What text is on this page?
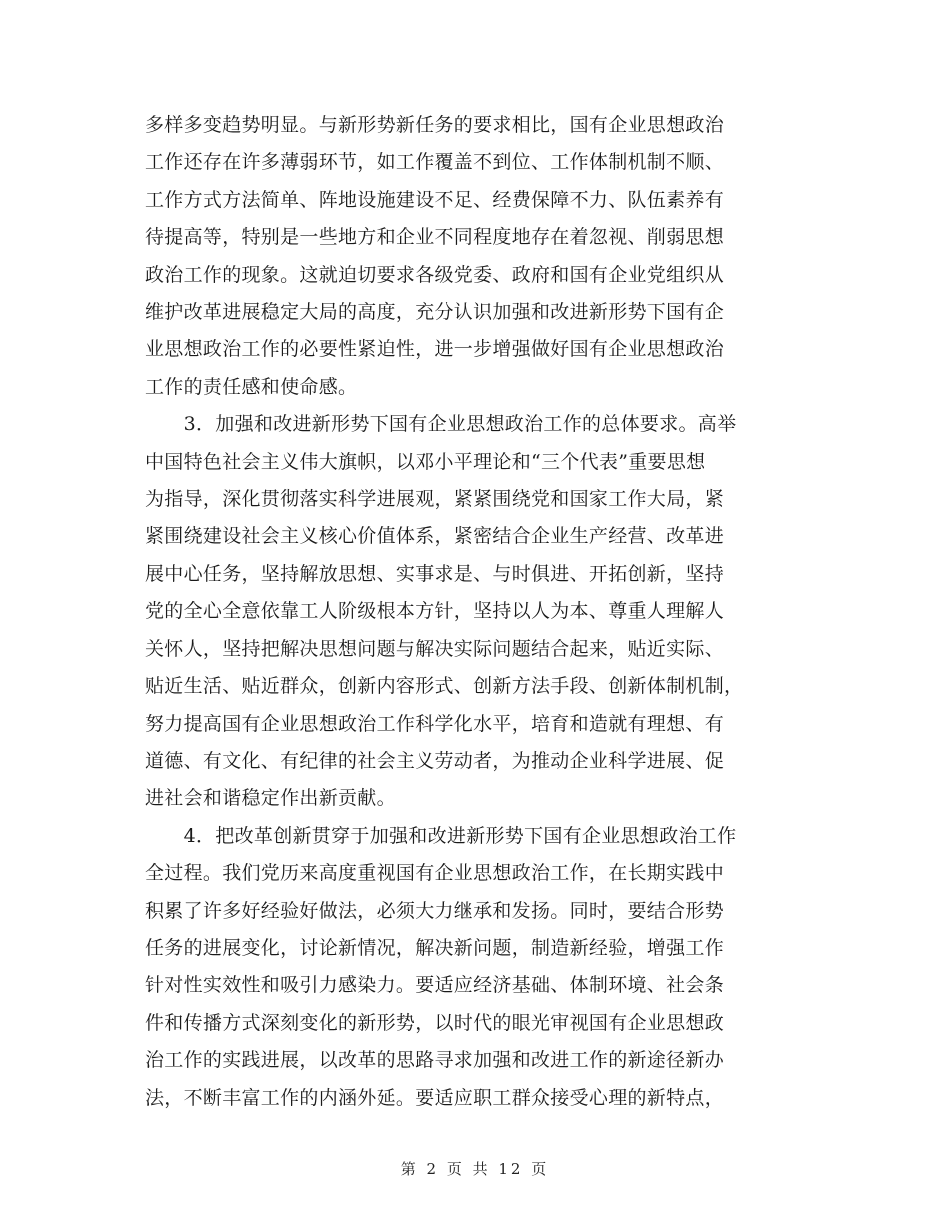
多样多变趋势明显。与新形势新任务的要求相比，国有企业思想政治
工作还存在许多薄弱环节，如工作覆盖不到位、工作体制机制不顺、
工作方式方法简单、阵地设施建设不足、经费保障不力、队伍素养有
待提高等，特别是一些地方和企业不同程度地存在着忽视、削弱思想
政治工作的现象。这就迫切要求各级党委、政府和国有企业党组织从
维护改革进展稳定大局的高度，充分认识加强和改进新形势下国有企
业思想政治工作的必要性紧迫性，进一步增强做好国有企业思想政治
工作的责任感和使命感。

　　3．加强和改进新形势下国有企业思想政治工作的总体要求。高举
中国特色社会主义伟大旗帜，以邓小平理论和“三个代表”重要思想
为指导，深化贯彻落实科学进展观，紧紧围绕党和国家工作大局，紧
紧围绕建设社会主义核心价值体系，紧密结合企业生产经营、改革进
展中心任务，坚持解放思想、实事求是、与时俱进、开拓创新，坚持
党的全心全意依靠工人阶级根本方针，坚持以人为本、尊重人理解人
关怀人，坚持把解决思想问题与解决实际问题结合起来，贴近实际、
贴近生活、贴近群众，创新内容形式、创新方法手段、创新体制机制，
努力提高国有企业思想政治工作科学化水平，培育和造就有理想、有
道德、有文化、有纪律的社会主义劳动者，为推动企业科学进展、促
进社会和谐稳定作出新贡献。

　　4．把改革创新贯穿于加强和改进新形势下国有企业思想政治工作
全过程。我们党历来高度重视国有企业思想政治工作，在长期实践中
积累了许多好经验好做法，必须大力继承和发扬。同时，要结合形势
任务的进展变化，讨论新情况，解决新问题，制造新经验，增强工作
针对性实效性和吸引力感染力。要适应经济基础、体制环境、社会条
件和传播方式深刻变化的新形势，以时代的眼光审视国有企业思想政
治工作的实践进展，以改革的思路寻求加强和改进工作的新途径新办
法，不断丰富工作的内涵外延。要适应职工群众接受心理的新特点，

第 2 页 共 12 页
